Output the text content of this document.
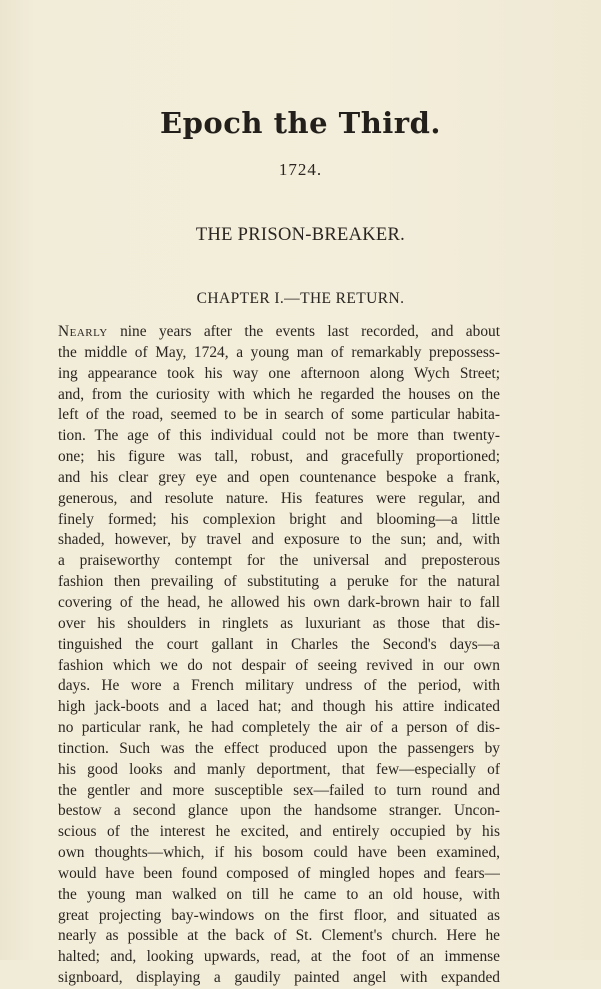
Epoch the Third.
1724.
THE PRISON-BREAKER.
CHAPTER I.—THE RETURN.
Nearly nine years after the events last recorded, and about
the middle of May, 1724, a young man of remarkably prepossess-
ing appearance took his way one afternoon along Wych Street;
and, from the curiosity with which he regarded the houses on the
left of the road, seemed to be in search of some particular habita-
tion. The age of this individual could not be more than twenty-
one; his figure was tall, robust, and gracefully proportioned;
and his clear grey eye and open countenance bespoke a frank,
generous, and resolute nature. His features were regular, and
finely formed; his complexion bright and blooming—a little
shaded, however, by travel and exposure to the sun; and, with
a praiseworthy contempt for the universal and preposterous
fashion then prevailing of substituting a peruke for the natural
covering of the head, he allowed his own dark-brown hair to fall
over his shoulders in ringlets as luxuriant as those that dis-
tinguished the court gallant in Charles the Second's days—a
fashion which we do not despair of seeing revived in our own
days. He wore a French military undress of the period, with
high jack-boots and a laced hat; and though his attire indicated
no particular rank, he had completely the air of a person of dis-
tinction. Such was the effect produced upon the passengers by
his good looks and manly deportment, that few—especially of
the gentler and more susceptible sex—failed to turn round and
bestow a second glance upon the handsome stranger. Uncon-
scious of the interest he excited, and entirely occupied by his
own thoughts—which, if his bosom could have been examined,
would have been found composed of mingled hopes and fears—
the young man walked on till he came to an old house, with
great projecting bay-windows on the first floor, and situated as
nearly as possible at the back of St. Clement's church. Here he
halted; and, looking upwards, read, at the foot of an immense
signboard, displaying a gaudily painted angel with expanded
